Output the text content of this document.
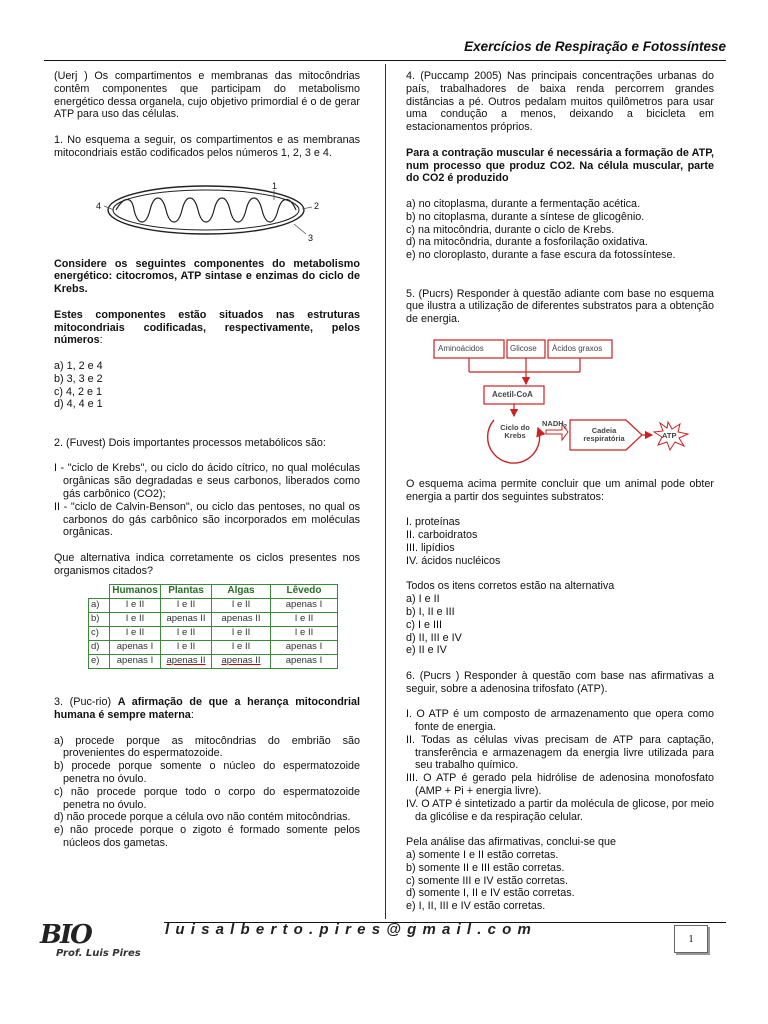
Exercícios de Respiração e Fotossíntese

(Uerj ) Os compartimentos e membranas das mitocôndrias contêm componentes que participam do metabolismo energético dessa organela, cujo objetivo primordial é o de gerar ATP para uso das células.

1. No esquema a seguir, os compartimentos e as membranas mitocondriais estão codificados pelos números 1, 2, 3 e 4.

1
2
3
4

Considere os seguintes componentes do metabolismo energético: citocromos, ATP sintase e enzimas do ciclo de Krebs.

Estes componentes estão situados nas estruturas mitocondriais codificadas, respectivamente, pelos números:

a) 1, 2 e 4

b) 3, 3 e 2

c) 4, 2 e 1

d) 4, 4 e 1

2. (Fuvest) Dois importantes processos metabólicos são:

I - "ciclo de Krebs", ou ciclo do ácido cítrico, no qual moléculas orgânicas são degradadas e seus carbonos, liberados como gás carbônico (CO2);

II - "ciclo de Calvin-Benson", ou ciclo das pentoses, no qual os carbonos do gás carbônico são incorporados em moléculas orgânicas.

Que alternativa indica corretamente os ciclos presentes nos organismos citados?

	Humanos	Plantas	Algas	Lêvedo
a)	I e II	I e II	I e II	apenas I
b)	I e II	apenas II	apenas II	I e II
c)	I e II	I e II	I e II	I e II
d)	apenas I	I e II	I e II	apenas I
e)	apenas I	apenas II	apenas II	apenas I

3. (Puc-rio) A afirmação de que a herança mitocondrial humana é sempre materna:

a) procede porque as mitocôndrias do embrião são provenientes do espermatozoide.

b) procede porque somente o núcleo do espermatozoide penetra no óvulo.

c) não procede porque todo o corpo do espermatozoide penetra no óvulo.

d) não procede porque a célula ovo não contém mitocôndrias.

e) não procede porque o zigoto é formado somente pelos núcleos dos gametas.

4. (Puccamp 2005) Nas principais concentrações urbanas do país, trabalhadores de baixa renda percorrem grandes distâncias a pé. Outros pedalam muitos quilômetros para usar uma condução a menos, deixando a bicicleta em estacionamentos próprios.

Para a contração muscular é necessária a formação de ATP, num processo que produz CO2. Na célula muscular, parte do CO2 é produzido

a) no citoplasma, durante a fermentação acética.

b) no citoplasma, durante a síntese de glicogênio.

c) na mitocôndria, durante o ciclo de Krebs.

d) na mitocôndria, durante a fosforilação oxidativa.

e) no cloroplasto, durante a fase escura da fotossíntese.

5. (Pucrs) Responder à questão adiante com base no esquema que ilustra a utilização de diferentes substratos para a obtenção de energia.

Aminoácidos	Glicose Ácidos graxos
Acetil-CoA
Ciclo do Krebs
$NADH_2$	Cadeia respiratória	ATP

O esquema acima permite concluir que um animal pode obter energia a partir dos seguintes substratos:

I. proteínas

II. carboidratos

III. lipídios

IV. ácidos nucléicos

Todos os itens corretos estão na alternativa

a) I e II

b) I, II e III

c) I e III

d) II, III e IV

e) II e IV

6. (Pucrs ) Responder à questão com base nas afirmativas a seguir, sobre a adenosina trifosfato (ATP).

I. O ATP é um composto de armazenamento que opera como fonte de energia.

II. Todas as células vivas precisam de ATP para captação, transferência e armazenagem da energia livre utilizada para seu trabalho químico.

III. O ATP é gerado pela hidrólise de adenosina monofosfato (AMP + Pi + energia livre).

IV. O ATP é sintetizado a partir da molécula de glicose, por meio da glicólise e da respiração celular.

Pela análise das afirmativas, conclui-se que

a) somente I e II estão corretas.

b) somente II e III estão corretas.

c) somente III e IV estão corretas.

d) somente I, II e IV estão corretas.

e) I, II, III e IV estão corretas.

BIO
Prof. Luis Pires
luisalberto.pires@gmail.com
1
